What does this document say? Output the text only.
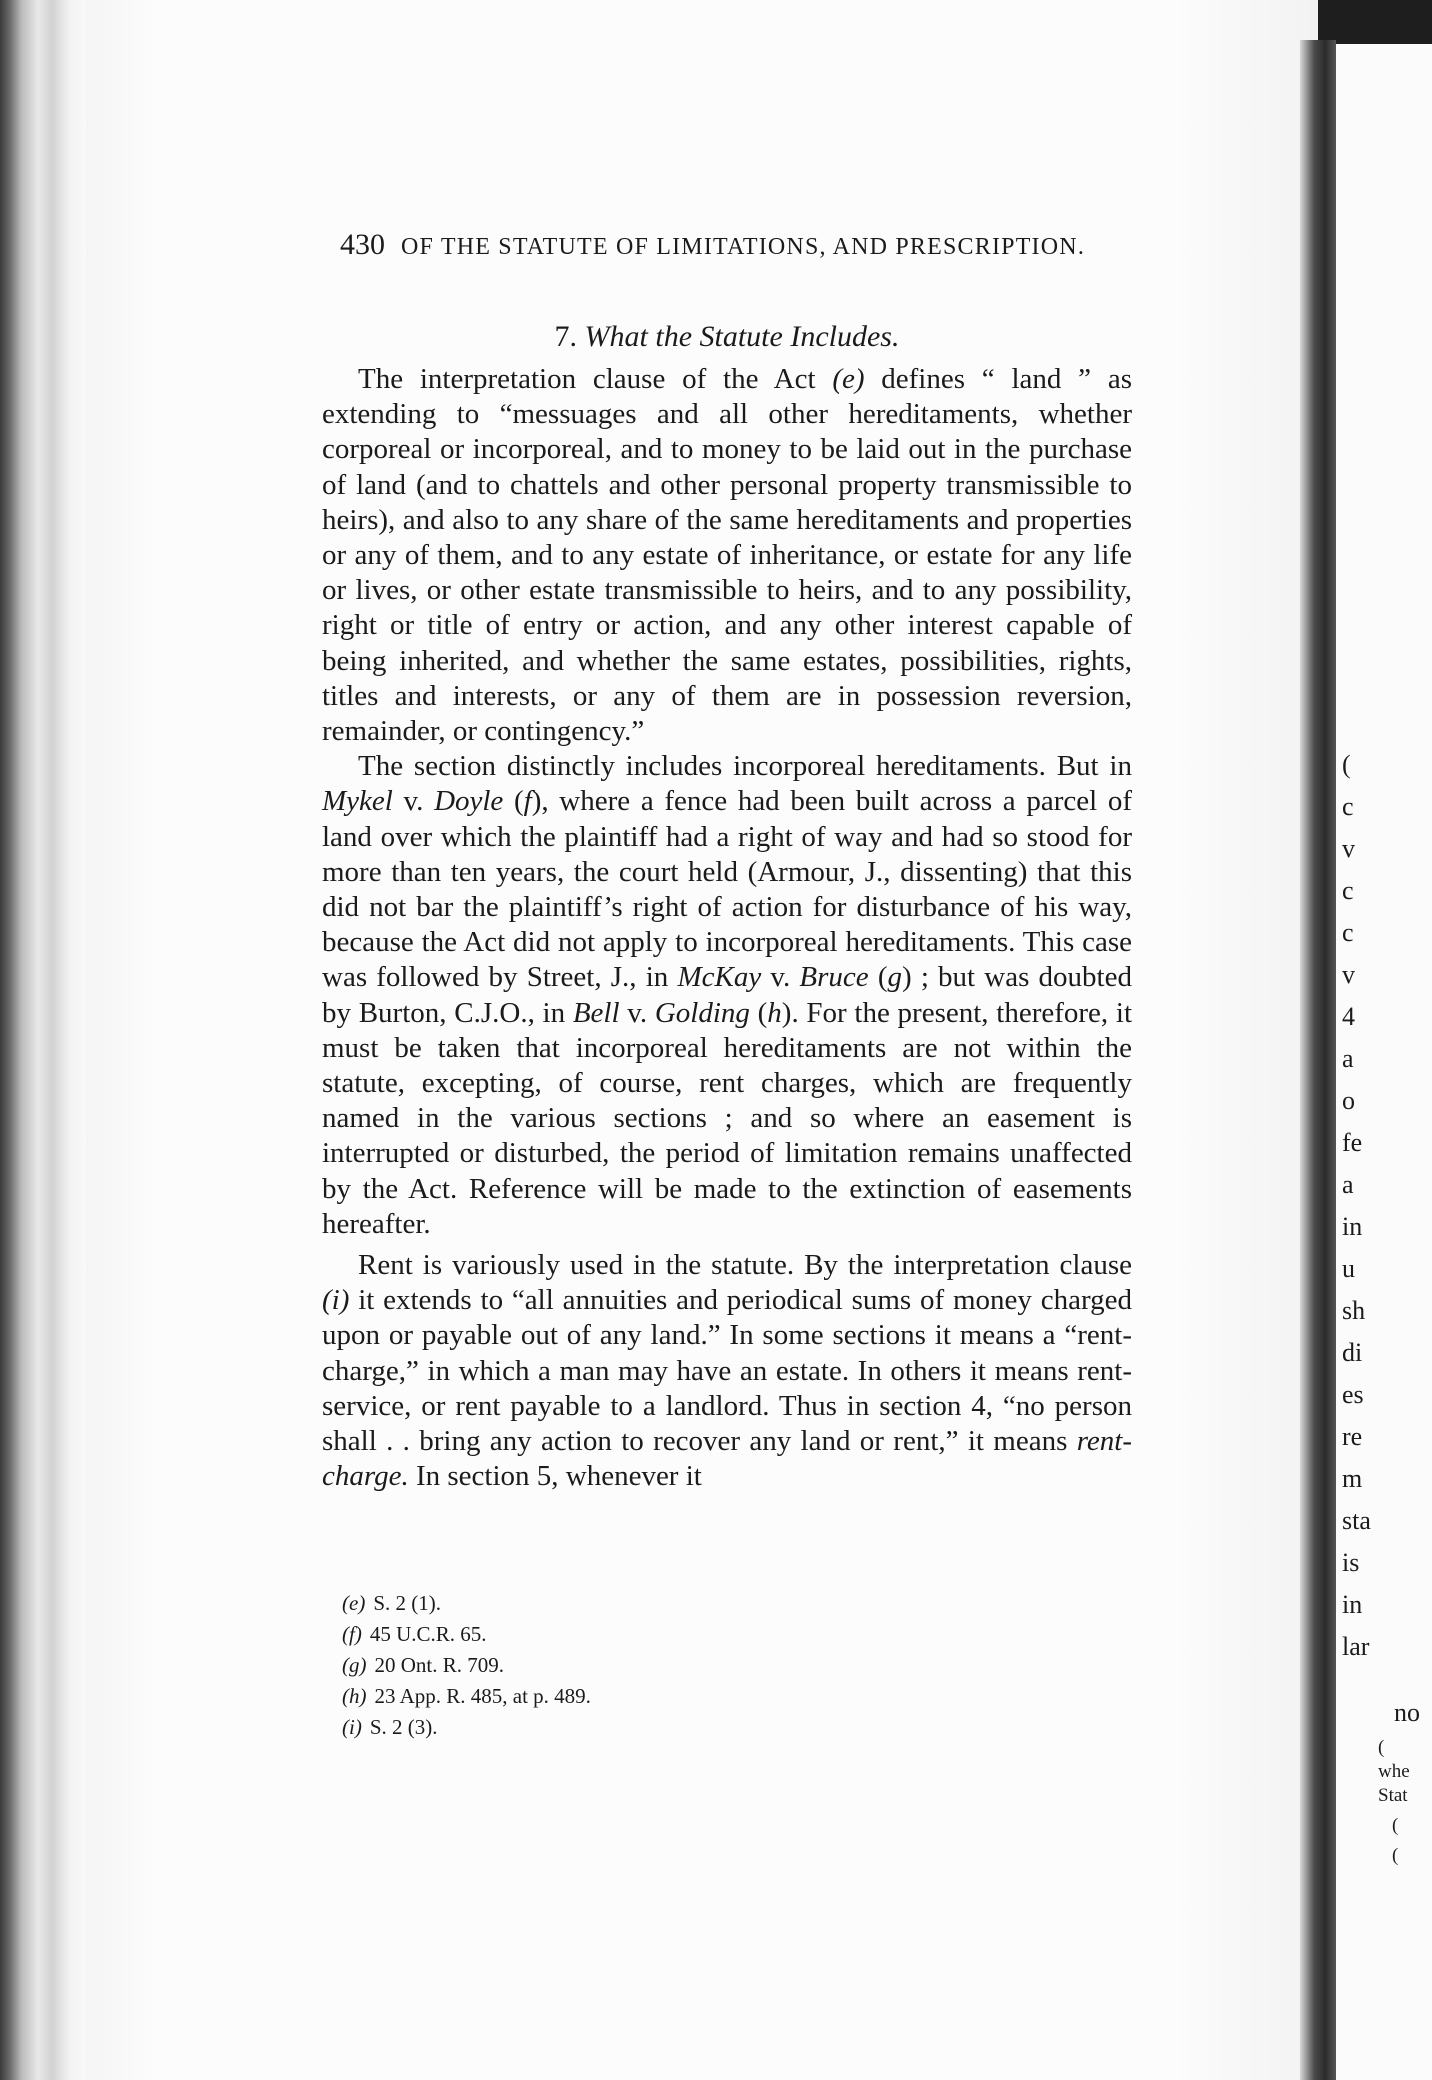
(
c
v
c
c
v
4
a
o
fe
a
in
u
sh
di
es
re
m
sta
is
in
lar
no
(
whe
Stat
(
(
430 OF THE STATUTE OF LIMITATIONS, AND PRESCRIPTION.
7. What the Statute Includes.

The interpretation clause of the Act (e) defines “ land ” as extending to “messuages and all other hereditaments, whether corporeal or incorporeal, and to money to be laid out in the purchase of land (and to chattels and other personal property transmissible to heirs), and also to any share of the same hereditaments and properties or any of them, and to any estate of inheritance, or estate for any life or lives, or other estate transmissible to heirs, and to any possibility, right or title of entry or action, and any other interest capable of being inherited, and whether the same estates, possibilities, rights, titles and interests, or any of them are in possession reversion, remainder, or contingency.”

The section distinctly includes incorporeal hereditaments. But in Mykel v. Doyle (f), where a fence had been built across a parcel of land over which the plaintiff had a right of way and had so stood for more than ten years, the court held (Armour, J., dissenting) that this did not bar the plaintiff’s right of action for disturbance of his way, because the Act did not apply to incorporeal hereditaments. This case was followed by Street, J., in McKay v. Bruce (g) ; but was doubted by Burton, C.J.O., in Bell v. Golding (h). For the present, therefore, it must be taken that incorporeal hereditaments are not within the statute, excepting, of course, rent charges, which are frequently named in the various sections ; and so where an easement is interrupted or disturbed, the period of limitation remains unaffected by the Act. Reference will be made to the extinction of easements hereafter.

Rent is variously used in the statute. By the interpretation clause (i) it extends to “all annuities and periodical sums of money charged upon or payable out of any land.” In some sections it means a “rent-charge,” in which a man may have an estate. In others it means rent-service, or rent payable to a landlord. Thus in section 4, “no person shall . . bring any action to recover any land or rent,” it means rent-charge. In section 5, whenever it

(e) S. 2 (1).
(f) 45 U.C.R. 65.
(g) 20 Ont. R. 709.
(h) 23 App. R. 485, at p. 489.
(i) S. 2 (3).
